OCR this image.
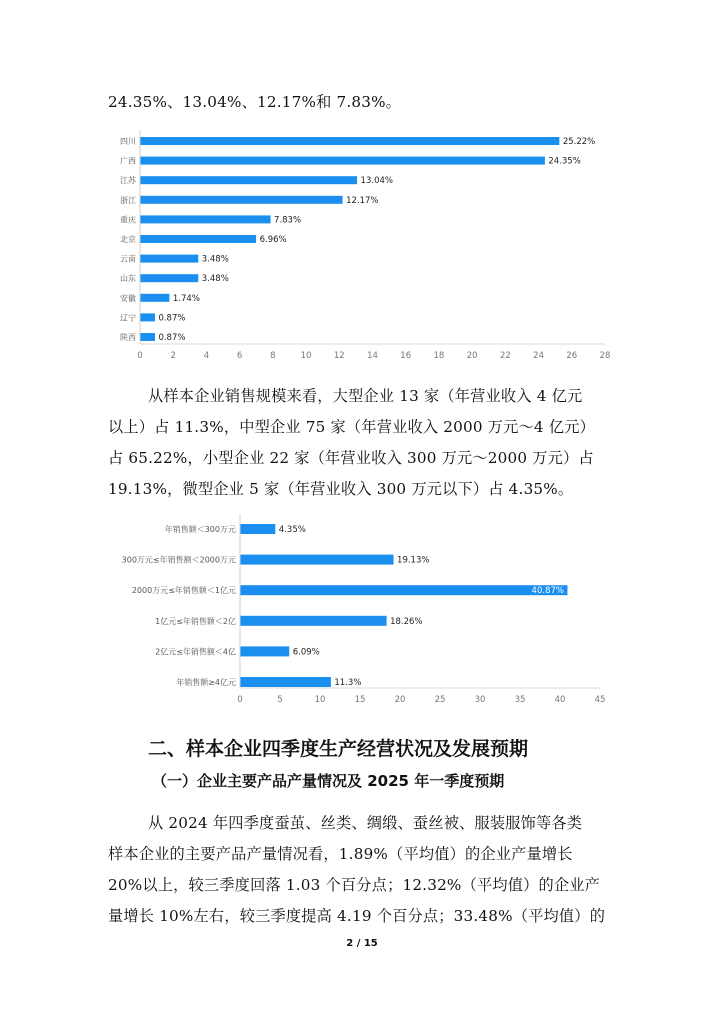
24.35%、13.04%、12.17%和 7.83%。
四川	25.22%
广西	24.35%
江苏	13.04%
浙江	12.17%
重庆	7.83%
北京	6.96%
云南	3.48%
山东	3.48%
安徽	1.74%
辽宁	0.87%
陕西	0.87%
0	2	4	6	8	10	12	14	16	18	20	22	24	26	28
从样本企业销售规模来看，大型企业 13 家（年营业收入 4 亿元
以上）占 11.3%，中型企业 75 家（年营业收入 2000 万元～4 亿元）
占 65.22%，小型企业 22 家（年营业收入 300 万元～2000 万元）占
19.13%，微型企业 5 家（年营业收入 300 万元以下）占 4.35%。
年销售额＜300万元	4.35%
300万元≤年销售额＜2000万元	19.13%
2000万元≤年销售额＜1亿元	40.87%
1亿元≤年销售额＜2亿	18.26%
2亿元≤年销售额＜4亿	6.09%
年销售额≥4亿元	11.3%
0	5	10	15	20	25	30	35	40	45
二、样本企业四季度生产经营状况及发展预期
（一）企业主要产品产量情况及 2025 年一季度预期
从 2024 年四季度蚕茧、丝类、绸缎、蚕丝被、服装服饰等各类
样本企业的主要产品产量情况看，1.89%（平均值）的企业产量增长
20%以上，较三季度回落 1.03 个百分点；12.32%（平均值）的企业产
量增长 10%左右，较三季度提高 4.19 个百分点；33.48%（平均值）的
2 / 15
